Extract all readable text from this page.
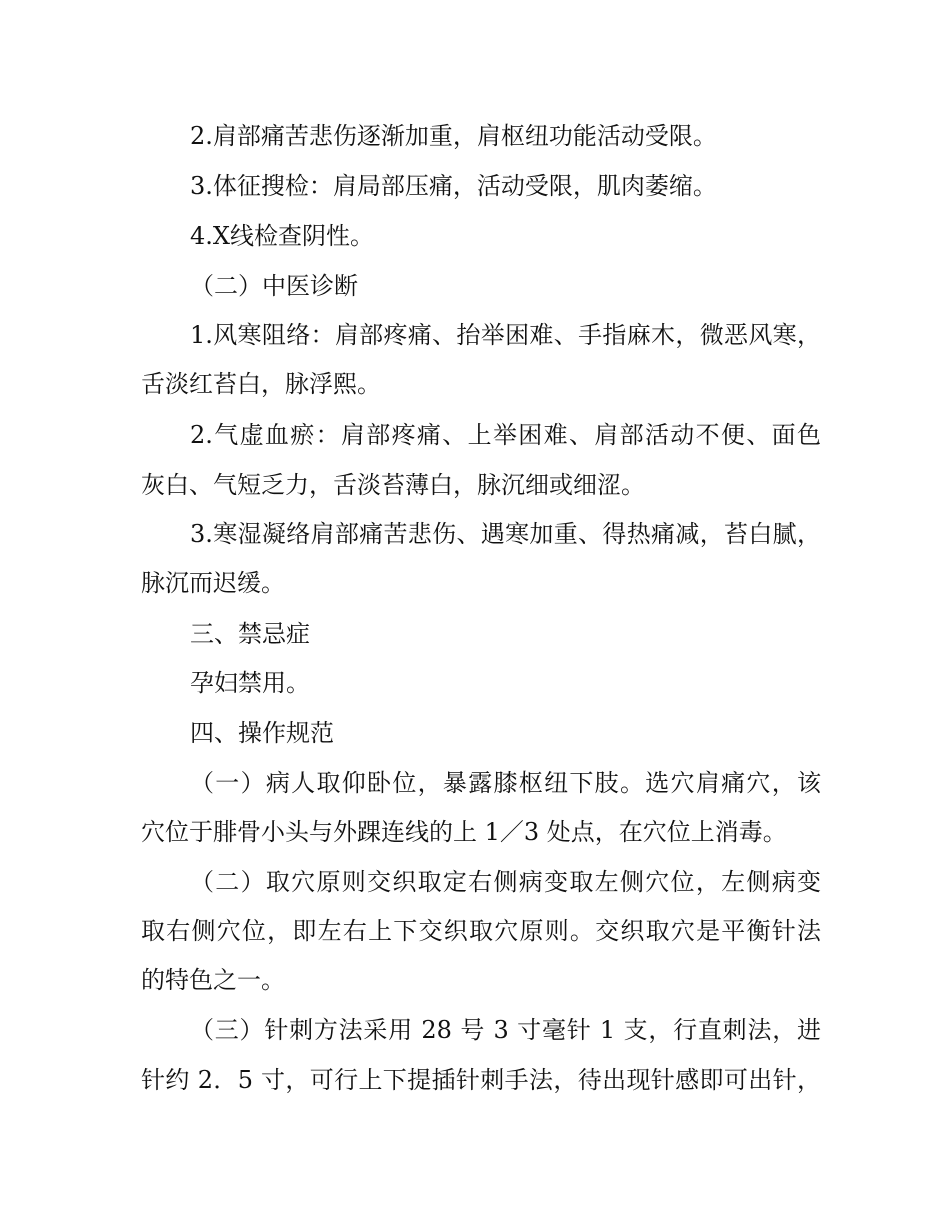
2.肩部痛苦悲伤逐渐加重，肩枢纽功能活动受限。
3.体征搜检：肩局部压痛，活动受限，肌肉萎缩。
4.X线检查阴性。
（二）中医诊断
1.风寒阻络：肩部疼痛、抬举困难、手指麻木，微恶风寒，
舌淡红苔白，脉浮熙。
2.气虚血瘀：肩部疼痛、上举困难、肩部活动不便、面色
灰白、气短乏力，舌淡苔薄白，脉沉细或细涩。
3.寒湿凝络肩部痛苦悲伤、遇寒加重、得热痛减，苔白腻，
脉沉而迟缓。
三、禁忌症
孕妇禁用。
四、操作规范
（一）病人取仰卧位，暴露膝枢纽下肢。选穴肩痛穴，该
穴位于腓骨小头与外踝连线的上 1／3 处点，在穴位上消毒。
（二）取穴原则交织取定右侧病变取左侧穴位，左侧病变
取右侧穴位，即左右上下交织取穴原则。交织取穴是平衡针法
的特色之一。
（三）针刺方法采用 28 号 3 寸毫针 1 支，行直刺法，进
针约 2．5 寸，可行上下提插针刺手法，待出现针感即可出针，
